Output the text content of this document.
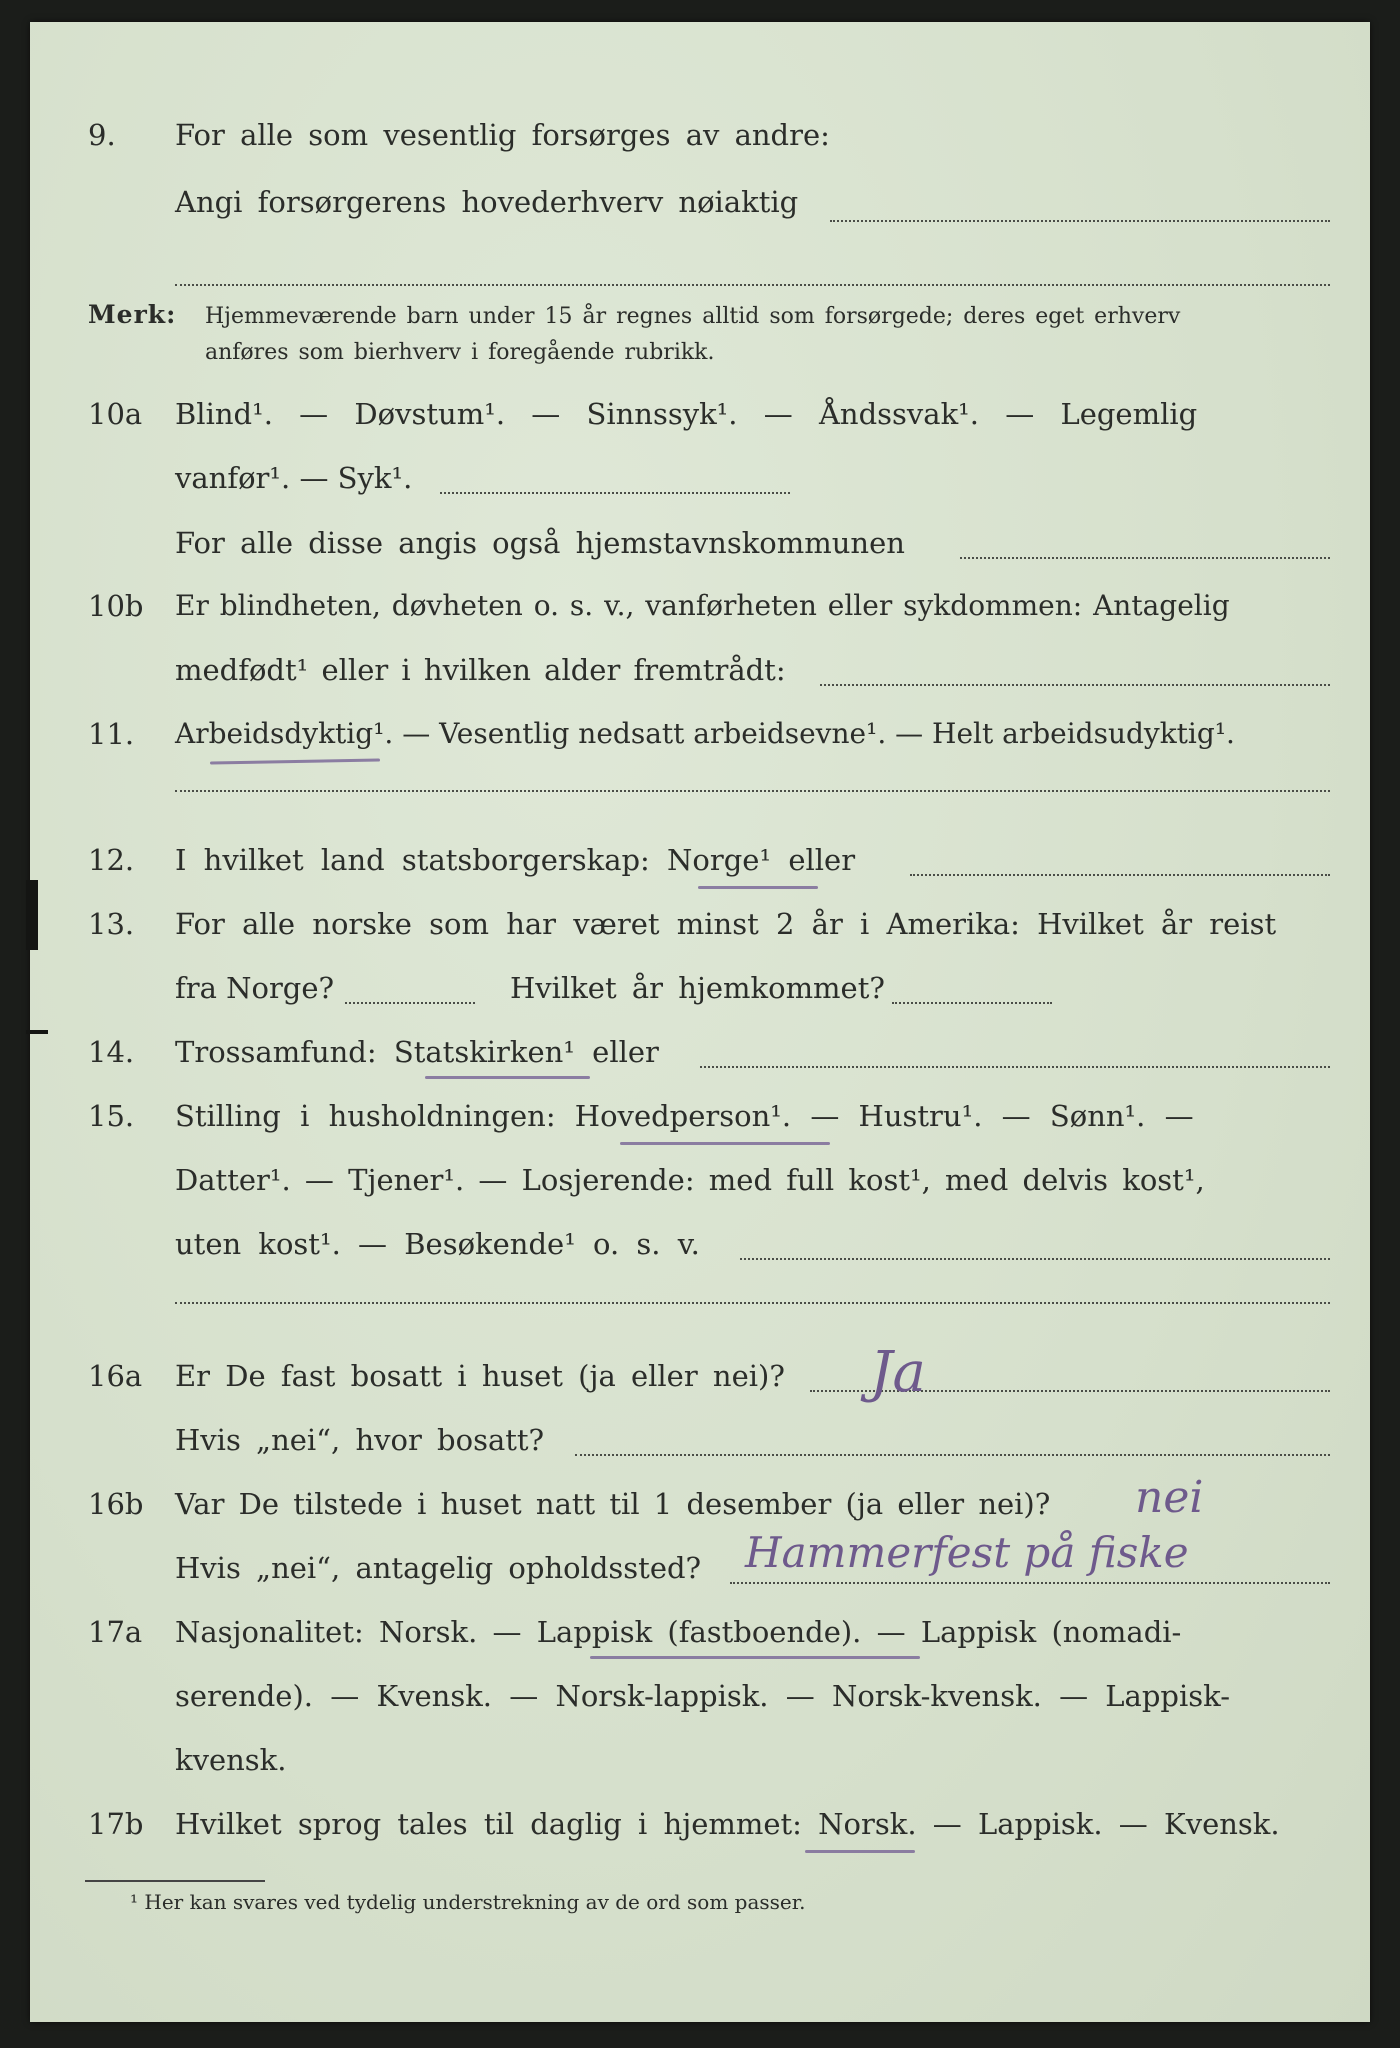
9. For alle som vesentlig forsørges av andre:
Angi forsørgerens hovederhverv nøiaktig
Merk: Hjemmeværende barn under 15 år regnes alltid som forsørgede; deres eget erhverv
anføres som bierhverv i foregående rubrikk.
10a Blind¹. — Døvstum¹. — Sinnssyk¹. — Åndssvak¹. — Legemlig
vanfør¹. — Syk¹.
For alle disse angis også hjemstavnskommunen
10b Er blindheten, døvheten o. s. v., vanførheten eller sykdommen: Antagelig
medfødt¹ eller i hvilken alder fremtrådt:
11. Arbeidsdyktig¹. — Vesentlig nedsatt arbeidsevne¹. — Helt arbeidsudyktig¹.
12. I hvilket land statsborgerskap: Norge¹ eller
13. For alle norske som har været minst 2 år i Amerika: Hvilket år reist
fra Norge?	Hvilket år hjemkommet?
14. Trossamfund: Statskirken¹ eller
15. Stilling i husholdningen: Hovedperson¹. — Hustru¹. — Sønn¹. —
Datter¹. — Tjener¹. — Losjerende: med full kost¹, med delvis kost¹,
uten kost¹. — Besøkende¹ o. s. v.
16a Er De fast bosatt i huset (ja eller nei)? Ja
Hvis „nei“, hvor bosatt?
16b Var De tilstede i huset natt til 1 desember (ja eller nei)? nei
Hvis „nei“, antagelig opholdssted? Hammerfest på fiske
17a Nasjonalitet: Norsk. — Lappisk (fastboende). — Lappisk (nomadi-
serende). — Kvensk. — Norsk-lappisk. — Norsk-kvensk. — Lappisk-
kvensk.
17b Hvilket sprog tales til daglig i hjemmet: Norsk. — Lappisk. — Kvensk.
¹ Her kan svares ved tydelig understrekning av de ord som passer.
